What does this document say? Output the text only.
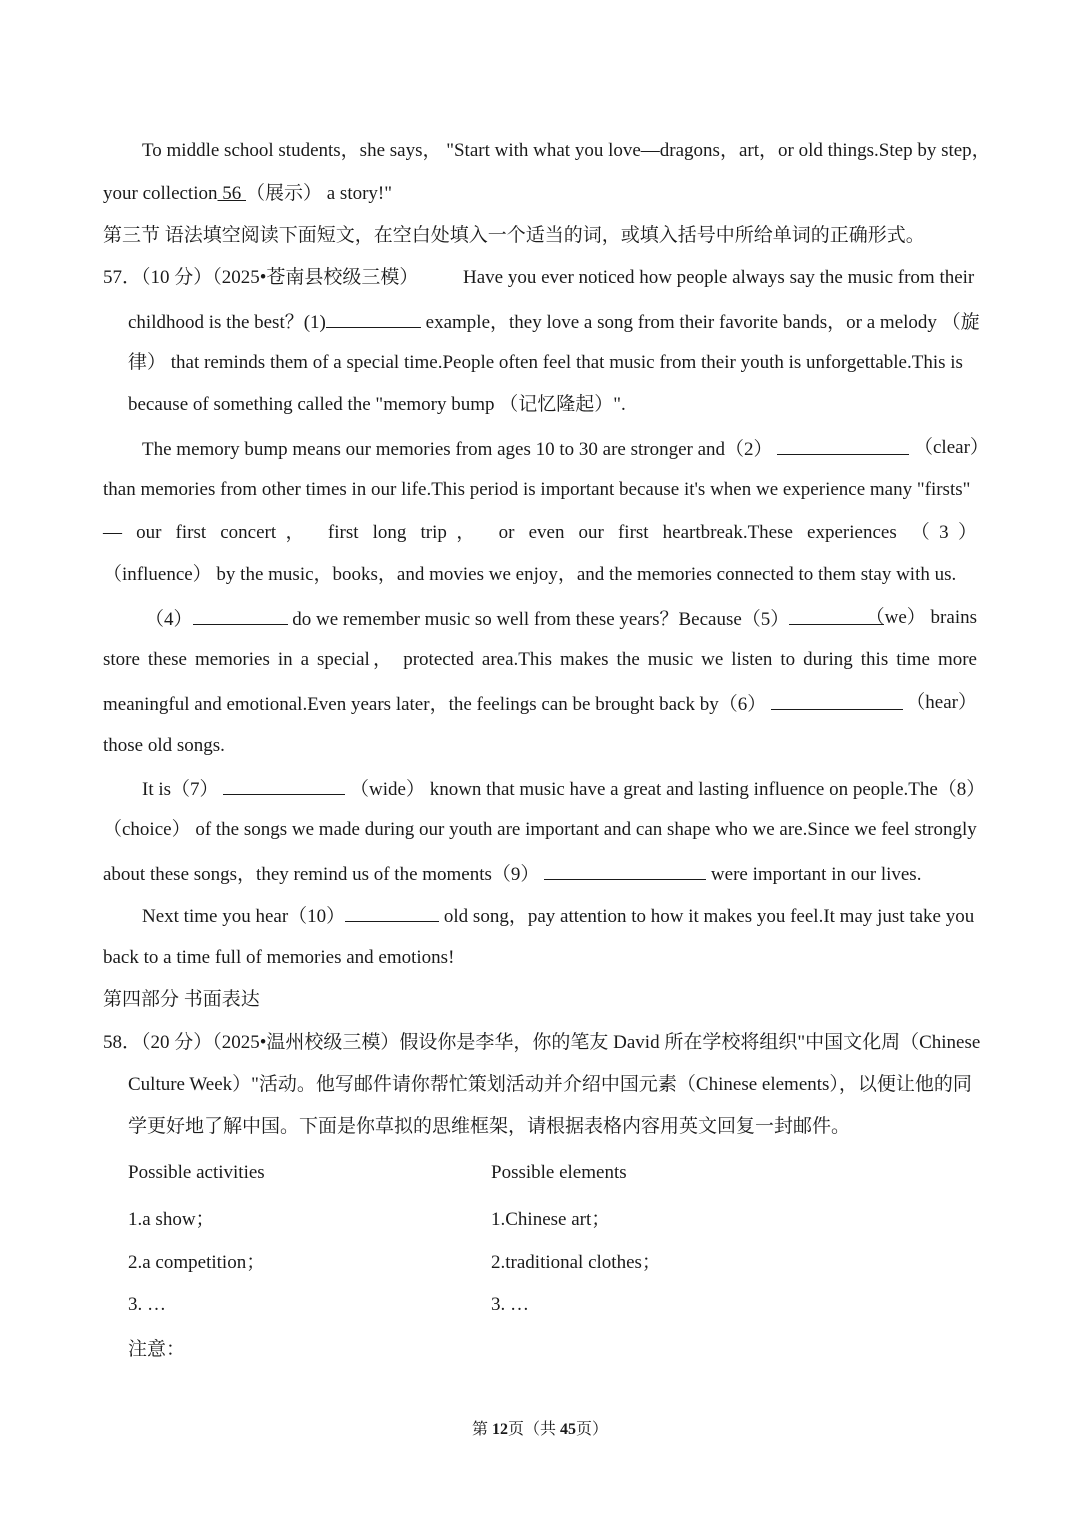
To middle school students，she says， "Start with what you love—dragons，art，or old things.Step by step，
your collection 56 （展示） a story!"
第三节 语法填空阅读下面短文，在空白处填入一个适当的词，或填入括号中所给单词的正确形式。
57．（10 分）（2025•苍南县校级三模） Have you ever noticed how people always say the music from their
childhood is the best？(1)	example，they love a song from their favorite bands，or a melody （旋
律） that reminds them of a special time.People often feel that music from their youth is unforgettable.This is
because of something called the "memory bump （记忆隆起）".
The memory bump means our memories from ages 10 to 30 are stronger and（2）	（clear）
than memories from other times in our life.This period is important because it's when we experience many "firsts"
— our first concert， first long trip， or even our first heartbreak.These experiences （3）
（influence） by the music，books，and movies we enjoy，and the memories connected to them stay with us.
（4）	do we remember music so well from these years？Because（5）	（we） brains
store these memories in a special， protected area.This makes the music we listen to during this time more
meaningful and emotional.Even years later，the feelings can be brought back by（6）	（hear）
those old songs.
It is（7）	（wide） known that music have a great and lasting influence on people.The（8）
（choice） of the songs we made during our youth are important and can shape who we are.Since we feel strongly
about these songs，they remind us of the moments（9）	were important in our lives.
Next time you hear（10）	old song，pay attention to how it makes you feel.It may just take you
back to a time full of memories and emotions!
第四部分 书面表达
58．（20 分）（2025•温州校级三模）假设你是李华，你的笔友 David 所在学校将组织"中国文化周（Chinese
Culture Week）"活动。他写邮件请你帮忙策划活动并介绍中国元素（Chinese elements），以便让他的同
学更好地了解中国。下面是你草拟的思维框架，请根据表格内容用英文回复一封邮件。
Possible activities	Possible elements
1.a show；	1.Chinese art；
2.a competition；	2.traditional clothes；
3. …	3. …
注意：
第 12页（共 45页）
